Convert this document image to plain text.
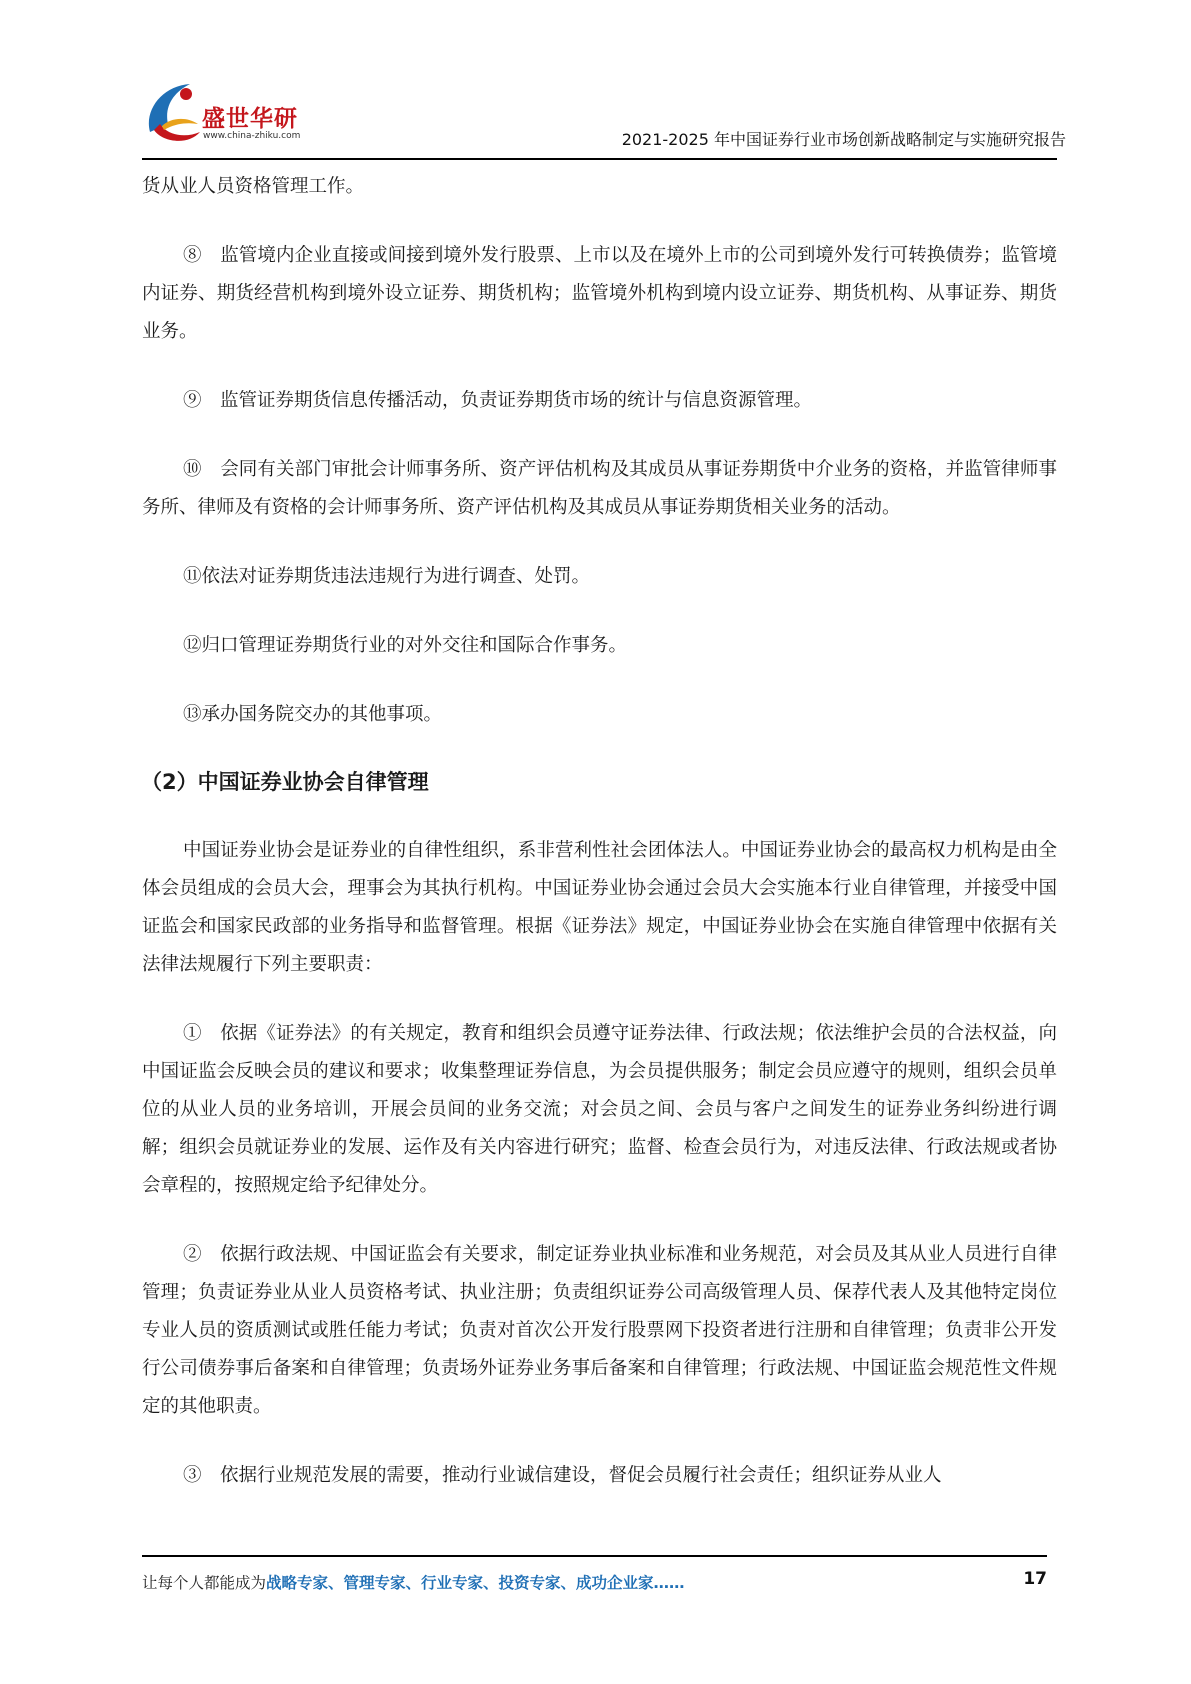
盛世华研
www.china-zhiku.com	2021-2025 年中国证券行业市场创新战略制定与实施研究报告

货从业人员资格管理工作。

⑧　监管境内企业直接或间接到境外发行股票、上市以及在境外上市的公司到境外发行可转换债券；监管境内证券、期货经营机构到境外设立证券、期货机构；监管境外机构到境内设立证券、期货机构、从事证券、期货业务。

⑨　监管证券期货信息传播活动，负责证券期货市场的统计与信息资源管理。

⑩　会同有关部门审批会计师事务所、资产评估机构及其成员从事证券期货中介业务的资格，并监管律师事务所、律师及有资格的会计师事务所、资产评估机构及其成员从事证券期货相关业务的活动。

⑪依法对证券期货违法违规行为进行调查、处罚。

⑫归口管理证券期货行业的对外交往和国际合作事务。

⑬承办国务院交办的其他事项。

（2）中国证券业协会自律管理

中国证券业协会是证券业的自律性组织，系非营利性社会团体法人。中国证券业协会的最高权力机构是由全体会员组成的会员大会，理事会为其执行机构。中国证券业协会通过会员大会实施本行业自律管理，并接受中国证监会和国家民政部的业务指导和监督管理。根据《证券法》规定，中国证券业协会在实施自律管理中依据有关法律法规履行下列主要职责：

①　依据《证券法》的有关规定，教育和组织会员遵守证券法律、行政法规；依法维护会员的合法权益，向中国证监会反映会员的建议和要求；收集整理证券信息，为会员提供服务；制定会员应遵守的规则，组织会员单位的从业人员的业务培训，开展会员间的业务交流；对会员之间、会员与客户之间发生的证券业务纠纷进行调解；组织会员就证券业的发展、运作及有关内容进行研究；监督、检查会员行为，对违反法律、行政法规或者协会章程的，按照规定给予纪律处分。

②　依据行政法规、中国证监会有关要求，制定证券业执业标准和业务规范，对会员及其从业人员进行自律管理；负责证券业从业人员资格考试、执业注册；负责组织证券公司高级管理人员、保荐代表人及其他特定岗位专业人员的资质测试或胜任能力考试；负责对首次公开发行股票网下投资者进行注册和自律管理；负责非公开发行公司债券事后备案和自律管理；负责场外证券业务事后备案和自律管理；行政法规、中国证监会规范性文件规定的其他职责。

③　依据行业规范发展的需要，推动行业诚信建设，督促会员履行社会责任；组织证券从业人

让每个人都能成为战略专家、管理专家、行业专家、投资专家、成功企业家……	17
